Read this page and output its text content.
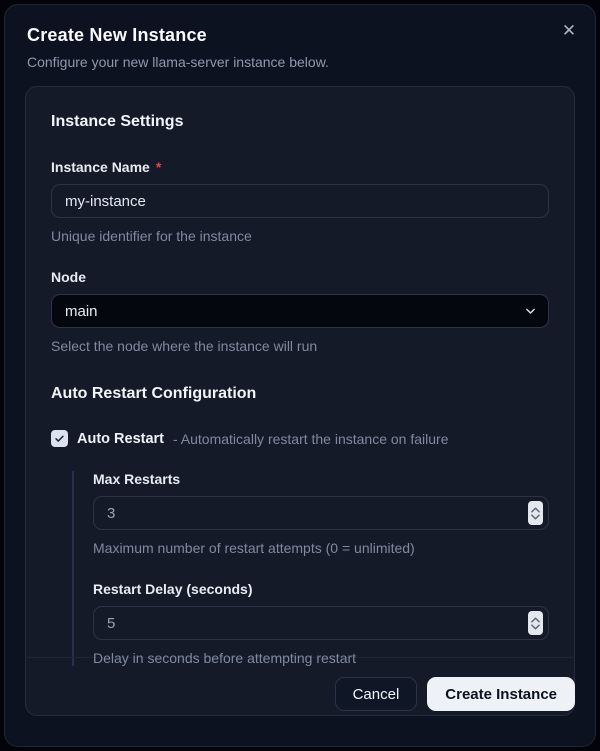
Create New Instance
Configure your new llama-server instance below.
✕
Instance Settings
Instance Name *
my-instance
Unique identifier for the instance
Node
main
Select the node where the instance will run
Auto Restart Configuration
Auto Restart - Automatically restart the instance on failure
Max Restarts
3
Maximum number of restart attempts (0 = unlimited)
Restart Delay (seconds)
5
Delay in seconds before attempting restart
Cancel	Create Instance
